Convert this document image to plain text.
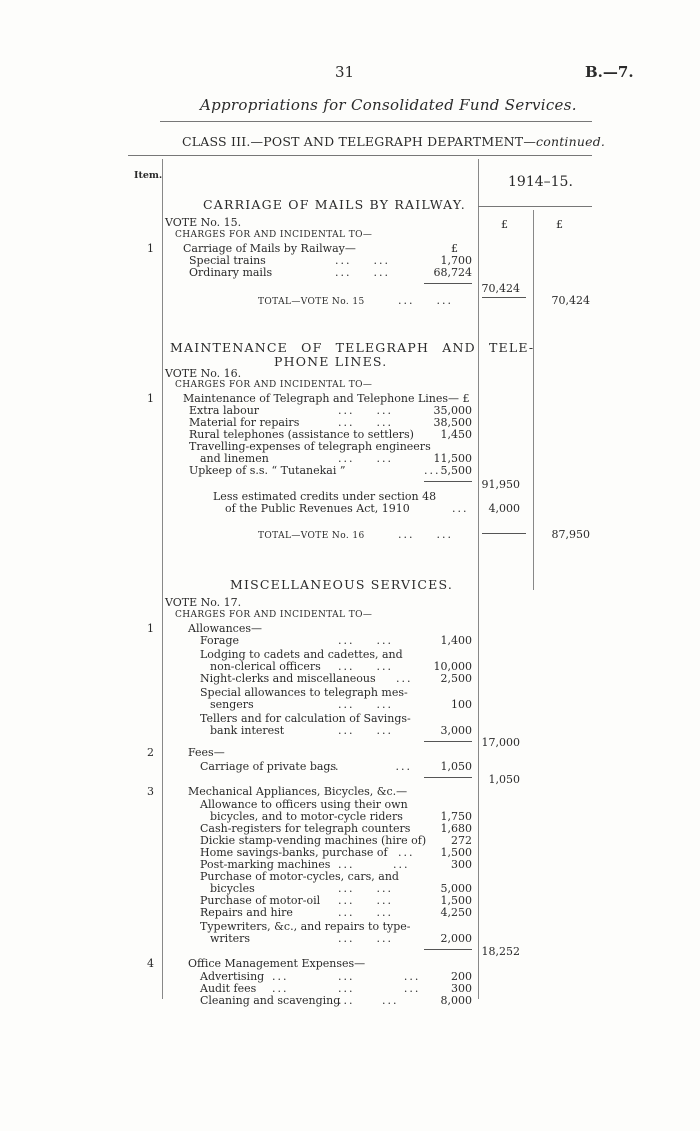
31	B.—7.
Appropriations for Consolidated Fund Services.
CLASS III.—POST AND TELEGRAPH DEPARTMENT—continued.
Item.	1914–15.
£	£
CARRIAGE OF MAILS BY RAILWAY.
VOTE No. 15.
CHARGES FOR AND INCIDENTAL TO—
1	Carriage of Mails by Railway—	£
Special trains	...    ...	1,700
Ordinary mails	...    ...	68,724
70,424
TOTAL—VOTE No. 15	...    ...	70,424
MAINTENANCE OF TELEGRAPH AND TELE-
PHONE LINES.
VOTE No. 16.
CHARGES FOR AND INCIDENTAL TO—
1	Maintenance of Telegraph and Telephone Lines— £
Extra labour	...    ...	35,000
Material for repairs	...    ...	38,500
Rural telephones (assistance to settlers) 1,450
Travelling-expenses of telegraph engineers
and linemen	...    ...	11,500
Upkeep of s.s. “ Tutanekai ”	... 5,500
91,950
Less estimated credits under section 48
of the Public Revenues Act, 1910	... 4,000
TOTAL—VOTE No. 16	...    ...	87,950
MISCELLANEOUS SERVICES.
VOTE No. 17.
CHARGES FOR AND INCIDENTAL TO—
1	Allowances—
Forage	...    ...	1,400
Lodging to cadets and cadettes, and
non-clerical officers ...    ...	10,000
Night-clerks and miscellaneous ...	2,500
Special allowances to telegraph mes-
sengers	...    ...	100
Tellers and for calculation of Savings-
bank interest	...    ...	3,000
17,000
2	Fees—
Carriage of private bags
...          ...	1,050
1,050
3	Mechanical Appliances, Bicycles, &c.—
Allowance to officers using their own
bicycles, and to motor-cycle riders	1,750
Cash-registers for telegraph counters	1,680
Dickie stamp-vending machines (hire of) 272
Home savings-banks, purchase of ... 1,500
Post-marking machines ...       ...	300
Purchase of motor-cycles, cars, and
bicycles	...    ...	5,000
Purchase of motor-oil ...    ...	1,500
Repairs and hire	...    ...	4,250
Typewriters, &c., and repairs to type-
writers	...    ...	2,000
18,252
4	Office Management Expenses—
Advertising ...         ...         ...	200
Audit fees ...         ...         ...	300
Cleaning and scavenging
...     ...	8,000
